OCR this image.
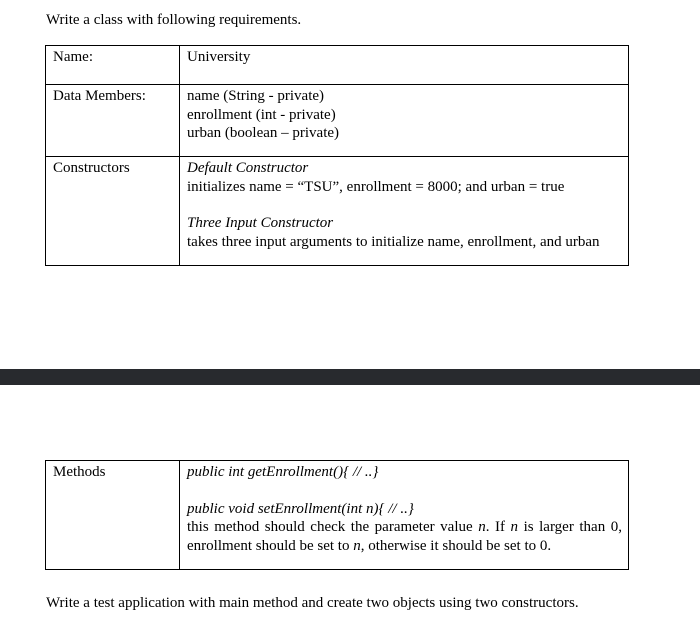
Write a class with following requirements.
Name:	University
Data Members:	name (String - private)
enrollment (int - private)
urban (boolean – private)

Constructors	Default Constructor
initializes name = “TSU”, enrollment = 8000; and urban = true
Three Input Constructor
takes three input arguments to initialize name, enrollment, and urban
Methods	public int getEnrollment(){ // ..}
public void setEnrollment(int n){ // ..}
this method should check the parameter value n. If n is larger than 0, enrollment should be set to n, otherwise it should be set to 0.
Write a test application with main method and create two objects using two constructors.
